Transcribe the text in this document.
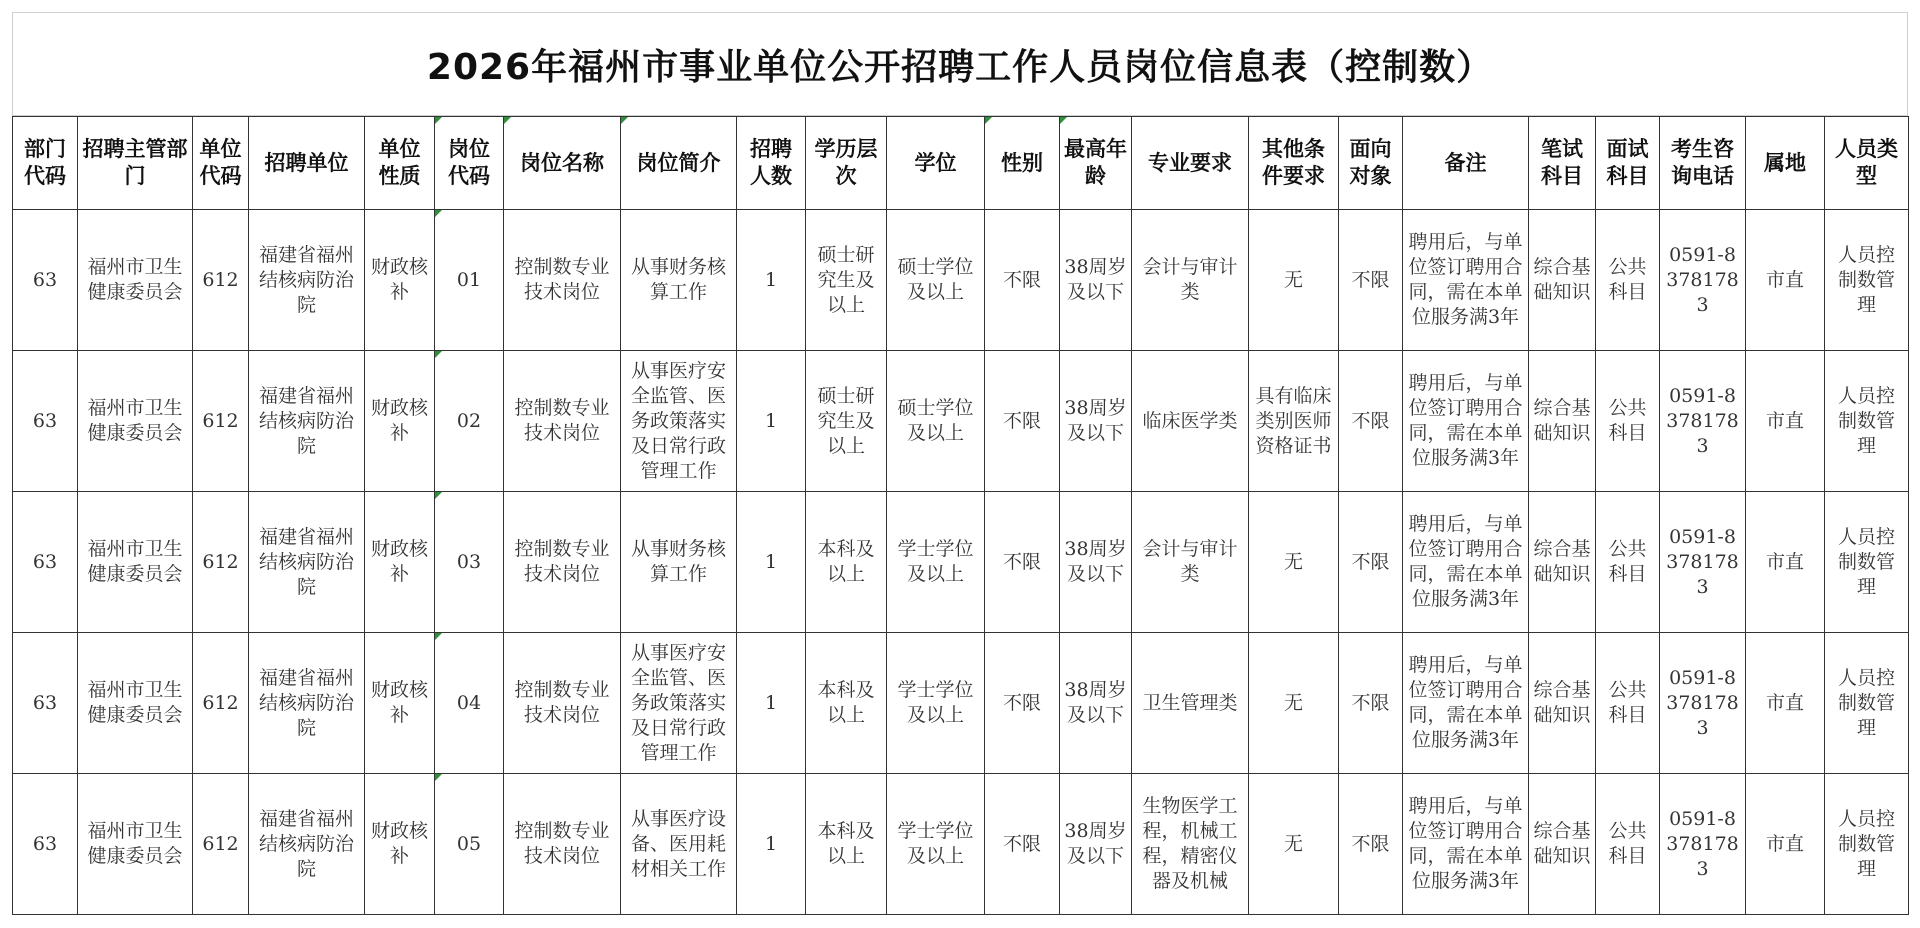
2026年福州市事业单位公开招聘工作人员岗位信息表（控制数）
部门代码	招聘主管部门	单位代码	招聘单位	单位性质	岗位代码	岗位名称	岗位简介	招聘人数	学历层次	学位	性别	最高年龄	专业要求	其他条件要求	面向对象	备注	笔试科目	面试科目	考生咨询电话	属地	人员类型
63	福州市卫生健康委员会	612	福建省福州结核病防治院	财政核补	01	控制数专业技术岗位	从事财务核算工作	1	硕士研究生及以上	硕士学位及以上	不限	38周岁及以下	会计与审计类	无	不限	聘用后，与单位签订聘用合同，需在本单位服务满3年	综合基础知识	公共科目	0591-83781783	市直	人员控制数管理
63	福州市卫生健康委员会	612	福建省福州结核病防治院	财政核补	02	控制数专业技术岗位	从事医疗安全监管、医务政策落实及日常行政管理工作	1	硕士研究生及以上	硕士学位及以上	不限	38周岁及以下	临床医学类	具有临床类别医师资格证书	不限	聘用后，与单位签订聘用合同，需在本单位服务满3年	综合基础知识	公共科目	0591-83781783	市直	人员控制数管理
63	福州市卫生健康委员会	612	福建省福州结核病防治院	财政核补	03	控制数专业技术岗位	从事财务核算工作	1	本科及以上	学士学位及以上	不限	38周岁及以下	会计与审计类	无	不限	聘用后，与单位签订聘用合同，需在本单位服务满3年	综合基础知识	公共科目	0591-83781783	市直	人员控制数管理
63	福州市卫生健康委员会	612	福建省福州结核病防治院	财政核补	04	控制数专业技术岗位	从事医疗安全监管、医务政策落实及日常行政管理工作	1	本科及以上	学士学位及以上	不限	38周岁及以下	卫生管理类	无	不限	聘用后，与单位签订聘用合同，需在本单位服务满3年	综合基础知识	公共科目	0591-83781783	市直	人员控制数管理
63	福州市卫生健康委员会	612	福建省福州结核病防治院	财政核补	05	控制数专业技术岗位	从事医疗设备、医用耗材相关工作	1	本科及以上	学士学位及以上	不限	38周岁及以下	生物医学工程，机械工程，精密仪器及机械	无	不限	聘用后，与单位签订聘用合同，需在本单位服务满3年	综合基础知识	公共科目	0591-83781783	市直	人员控制数管理
